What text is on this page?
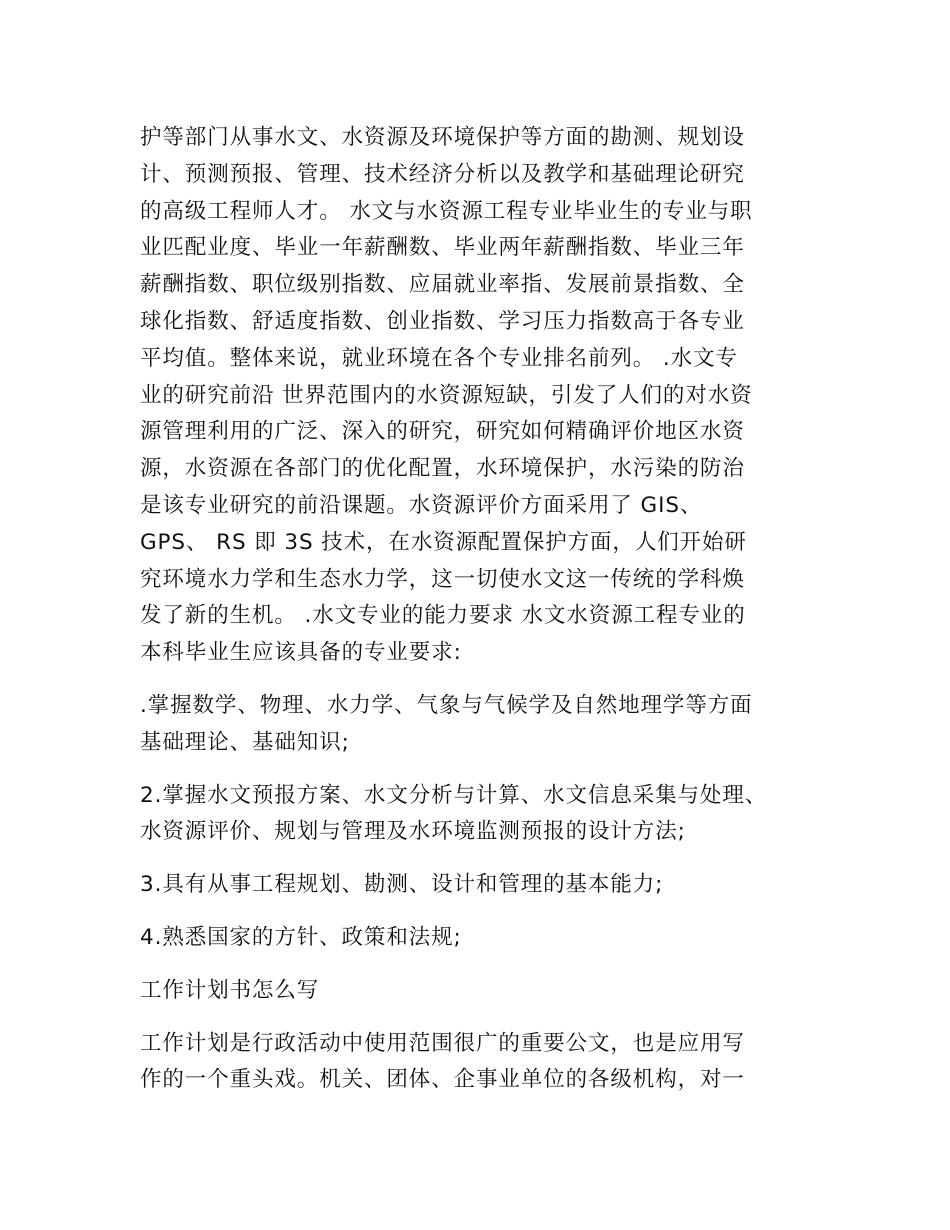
护等部门从事水文、水资源及环境保护等方面的勘测、规划设
计、预测预报、管理、技术经济分析以及教学和基础理论研究
的高级工程师人才。 水文与水资源工程专业毕业生的专业与职
业匹配业度、毕业一年薪酬数、毕业两年薪酬指数、毕业三年
薪酬指数、职位级别指数、应届就业率指、发展前景指数、全
球化指数、舒适度指数、创业指数、学习压力指数高于各专业
平均值。整体来说，就业环境在各个专业排名前列。 .水文专
业的研究前沿 世界范围内的水资源短缺，引发了人们的对水资
源管理利用的广泛、深入的研究，研究如何精确评价地区水资
源，水资源在各部门的优化配置，水环境保护，水污染的防治
是该专业研究的前沿课题。水资源评价方面采用了 GIS、
GPS、 RS 即 3S 技术，在水资源配置保护方面，人们开始研
究环境水力学和生态水力学，这一切使水文这一传统的学科焕
发了新的生机。 .水文专业的能力要求 水文水资源工程专业的
本科毕业生应该具备的专业要求:
.掌握数学、物理、水力学、气象与气候学及自然地理学等方面
基础理论、基础知识;
2.掌握水文预报方案、水文分析与计算、水文信息采集与处理、
水资源评价、规划与管理及水环境监测预报的设计方法;
3.具有从事工程规划、勘测、设计和管理的基本能力;
4.熟悉国家的方针、政策和法规;
工作计划书怎么写
工作计划是行政活动中使用范围很广的重要公文，也是应用写
作的一个重头戏。机关、团体、企事业单位的各级机构，对一
